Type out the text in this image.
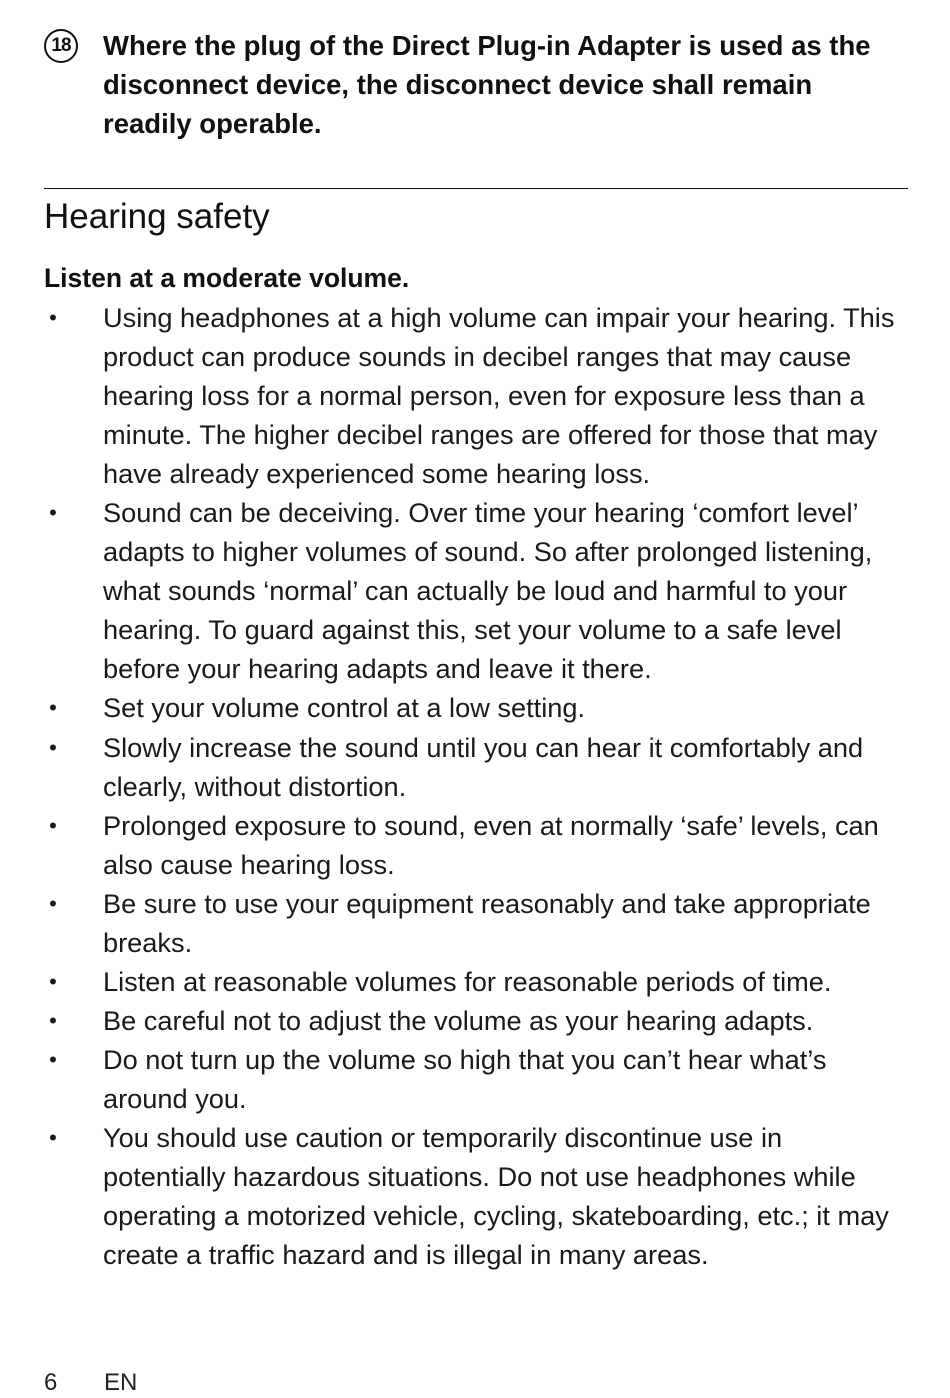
18 Where the plug of the Direct Plug-in Adapter is used as the disconnect device, the disconnect device shall remain readily operable.
Hearing safety
Listen at a moderate volume.
• Using headphones at a high volume can impair your hearing. This product can produce sounds in decibel ranges that may cause hearing loss for a normal person, even for exposure less than a minute. The higher decibel ranges are offered for those that may have already experienced some hearing loss.
• Sound can be deceiving. Over time your hearing ‘comfort level’ adapts to higher volumes of sound. So after prolonged listening, what sounds ‘normal’ can actually be loud and harmful to your hearing. To guard against this, set your volume to a safe level before your hearing adapts and leave it there.
• Set your volume control at a low setting.
• Slowly increase the sound until you can hear it comfortably and clearly, without distortion.
• Prolonged exposure to sound, even at normally ‘safe’ levels, can also cause hearing loss.
• Be sure to use your equipment reasonably and take appropriate breaks.
• Listen at reasonable volumes for reasonable periods of time.
• Be careful not to adjust the volume as your hearing adapts.
• Do not turn up the volume so high that you can’t hear what’s around you.
• You should use caution or temporarily discontinue use in potentially hazardous situations. Do not use headphones while operating a motorized vehicle, cycling, skateboarding, etc.; it may create a traffic hazard and is illegal in many areas.
6	EN
